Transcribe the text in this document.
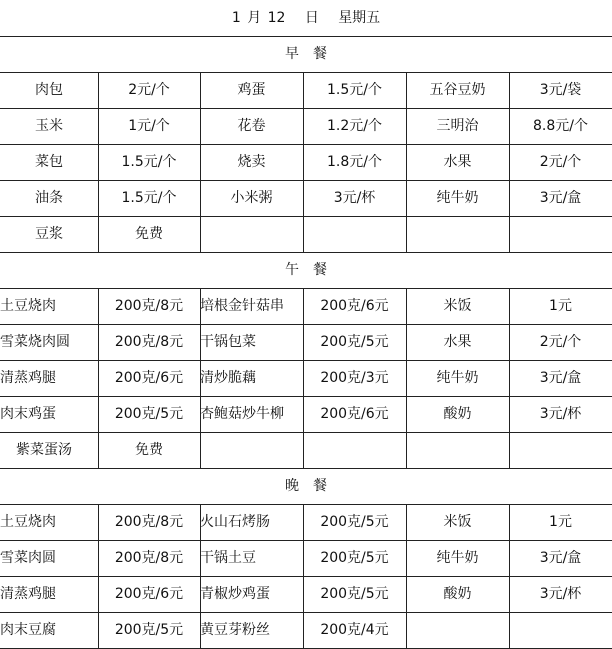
1 月 12 日 星期五
早　餐
肉包	2元/个	鸡蛋	1.5元/个	五谷豆奶	3元/袋
玉米	1元/个	花卷	1.2元/个	三明治	8.8元/个
菜包	1.5元/个	烧卖	1.8元/个	水果	2元/个
油条	1.5元/个	小米粥	3元/杯	纯牛奶	3元/盒
豆浆	免费
午　餐
土豆烧肉	200克/8元	培根金针菇串	200克/6元	米饭	1元
雪菜烧肉圆	200克/8元	干锅包菜	200克/5元	水果	2元/个
清蒸鸡腿	200克/6元	清炒脆藕	200克/3元	纯牛奶	3元/盒
肉末鸡蛋	200克/5元	杏鲍菇炒牛柳	200克/6元	酸奶	3元/杯
紫菜蛋汤	免费
晚　餐
土豆烧肉	200克/8元	火山石烤肠	200克/5元	米饭	1元
雪菜肉圆	200克/8元	干锅土豆	200克/5元	纯牛奶	3元/盒
清蒸鸡腿	200克/6元	青椒炒鸡蛋	200克/5元	酸奶	3元/杯
肉末豆腐	200克/5元	黄豆芽粉丝	200克/4元
